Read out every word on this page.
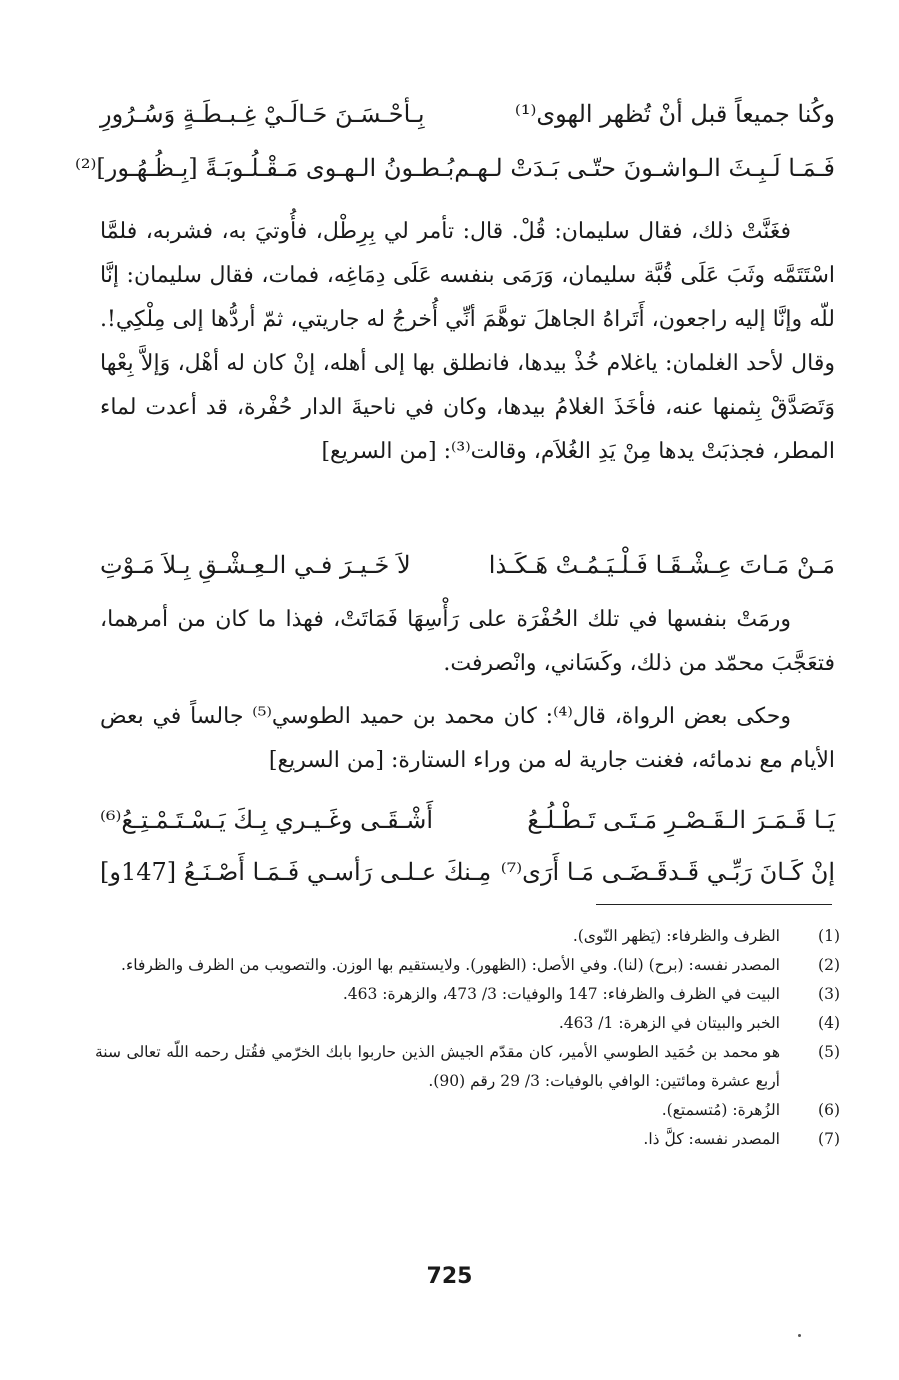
وكُنا جميعاً قبل أنْ تُظهر الهوى⁽¹⁾
بِـأحْـسَـنَ حَـالَـيْ غِـبـطَـةٍ وَسُـرُورِ
فَـمَـا لَـبِـثَ الـواشـونَ حتّـى بَـدَتْ لـهـم
بُـطـونُ الـهـوى مَـقْـلُـوبَـةً [بِـظُـهُـور]⁽²⁾

فغَنَّتْ ذلك، فقال سليمان: قُلْ. قال: تأمر لي بِرِطْل، فأُوتيَ به، فشربه، فلمَّا اسْتَتَمَّه وثَبَ عَلَى قُبَّة سليمان، وَرَمَى بنفسه عَلَى دِمَاغِه، فمات، فقال سليمان: إنَّا للّه وإنَّا إليه راجعون، أَتَراهُ الجاهلَ توهَّمَ أنِّي أُخرجُ له جاريتي، ثمّ أردُّها إلى مِلْكِي!. وقال لأحد الغلمان: ياغلام خُذْ بيدها، فانطلق بها إلى أهله، إنْ كان له أهْل، وَإلاَّ بِعْها وَتَصَدَّقْ بِثمنها عنه، فأخَذَ الغلامُ بيدها، وكان في ناحيةَ الدار حُفْرة، قد أعدت لماء المطر، فجذبَتْ يدها مِنْ يَدِ الغُلاَم، وقالت⁽³⁾: [من السريع]

مَـنْ مَـاتَ عِـشْـقَـا فَـلْـيَـمُـتْ هَـكَـذا
لاَ خَـيـرَ فـي الـعِـشْـقِ بِـلاَ مَـوْتِ

ورمَتْ بنفسها في تلك الحُفْرَة على رَأْسِهَا فَمَاتَتْ، فهذا ما كان من أمرهما، فتعَجَّبَ محمّد من ذلك، وكَسَاني، وانْصرفت.

وحكى بعض الرواة، قال⁽⁴⁾: كان محمد بن حميد الطوسي⁽⁵⁾ جالساً في بعض الأيام مع ندمائه، فغنت جارية له من وراء الستارة: [من السريع]

يَـا قَـمَـرَ الـقَـصْـرِ مَـتَـى تَـطْـلُـعُ
أَشْـقَـى وغَـيـري بِـكَ يَـسْـتَـمْـتِـعُ⁽⁶⁾
إنْ كَـانَ رَبِّـي قَـدقَـضَـى مَـا أَرَى⁽⁷⁾
مِـنكَ عـلـى رَأسـي فَـمَـا أَصْـنَـعُ [147و]
(1)
الظرف والظرفاء: (يَظهر النّوى).
(2)
المصدر نفسه: (برح) (لنا). وفي الأصل: (الظهور). ولايستقيم بها الوزن. والتصويب من الظرف والظرفاء.
(3)
البيت في الظرف والظرفاء: 147 والوفيات: 3/ 473، والزهرة: 463.
(4)
الخبر والبيتان في الزهرة: 1/ 463.
(5)
هو محمد بن حُمَيد الطوسي الأمير، كان مقدّم الجيش الذين حاربوا بابك الخرّمي فقُتل رحمه اللّه تعالى سنة أربع عشرة ومائتين: الوافي بالوفيات: 3/ 29 رقم (90).
(6)
الزُهرة: (مُتسمتع).
(7)
المصدر نفسه: كلَّ ذا.
725
